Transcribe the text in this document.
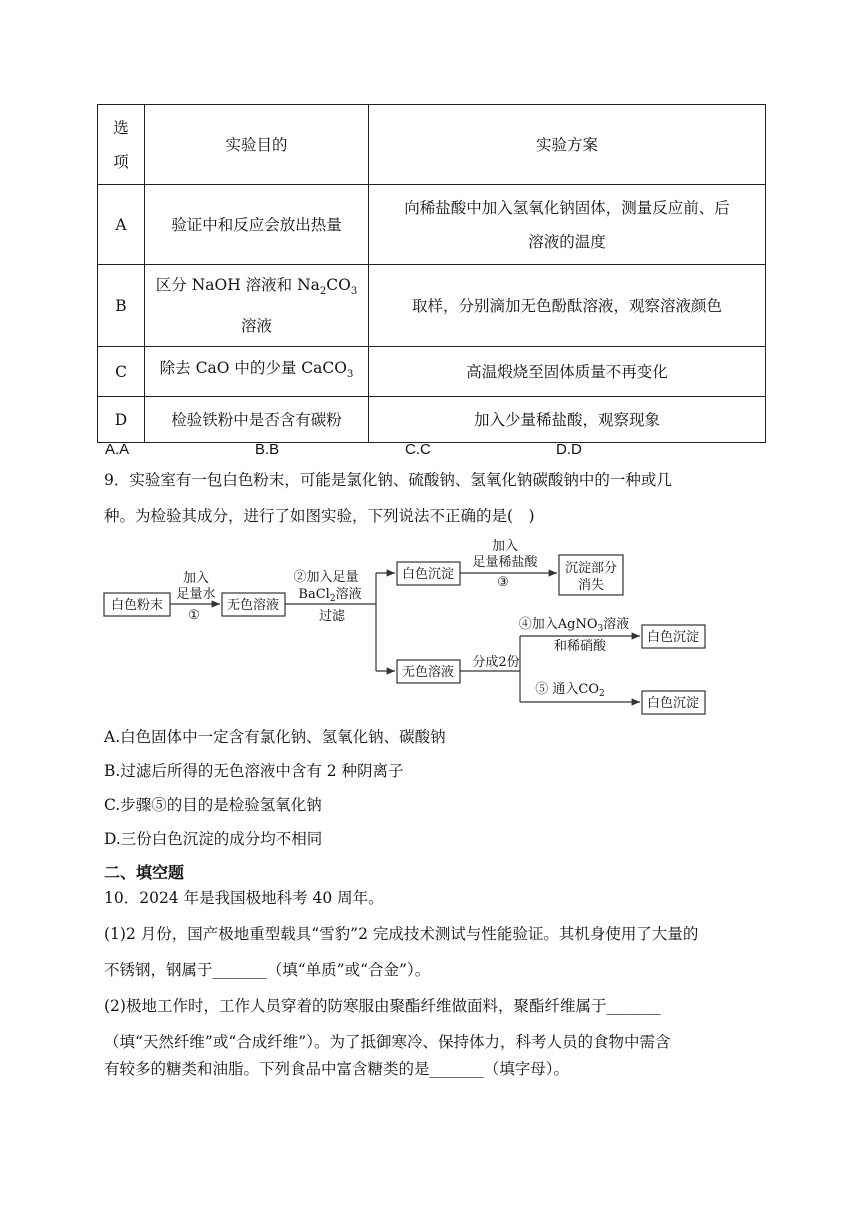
选
项	实验目的	实验方案
A	验证中和反应会放出热量	向稀盐酸中加入氢氧化钠固体，测量反应前、后
溶液的温度

B	区分 NaOH 溶液和 $Na_2CO_3$
溶液	取样，分别滴加无色酚酞溶液，观察溶液颜色
C	除去 CaO 中的少量 CaCO$_3$	高温煅烧至固体质量不再变化
D	检验铁粉中是否含有碳粉	加入少量稀盐酸，观察现象
A.A	B.B	C.C	D.D
9．实验室有一包白色粉末，可能是氯化钠、硫酸钠、氢氧化钠碳酸钠中的一种或几
种。为检验其成分，进行了如图实验，下列说法不正确的是(　)
白色粉末
加入
足量水
①
无色溶液
②加入足量
BaCl$_2$溶液
过滤
白色沉淀
加入
足量稀盐酸
③
沉淀部分
消失
无色溶液
分成2份
④加入AgNO$_3$溶液
和稀硝酸
白色沉淀
⑤ 通入$CO_2$
白色沉淀
A.白色固体中一定含有氯化钠、氢氧化钠、碳酸钠
B.过滤后所得的无色溶液中含有 2 种阴离子
C.步骤⑤的目的是检验氢氧化钠
D.三份白色沉淀的成分均不相同
二、填空题
10．2024 年是我国极地科考 40 周年。
(1)2 月份，国产极地重型载具“雪豹”2 完成技术测试与性能验证。其机身使用了大量的
不锈钢，钢属于_______（填“单质”或“合金”）。
(2)极地工作时，工作人员穿着的防寒服由聚酯纤维做面料，聚酯纤维属于_______
（填“天然纤维”或“合成纤维”）。为了抵御寒冷、保持体力，科考人员的食物中需含
有较多的糖类和油脂。下列食品中富含糖类的是_______（填字母）。
